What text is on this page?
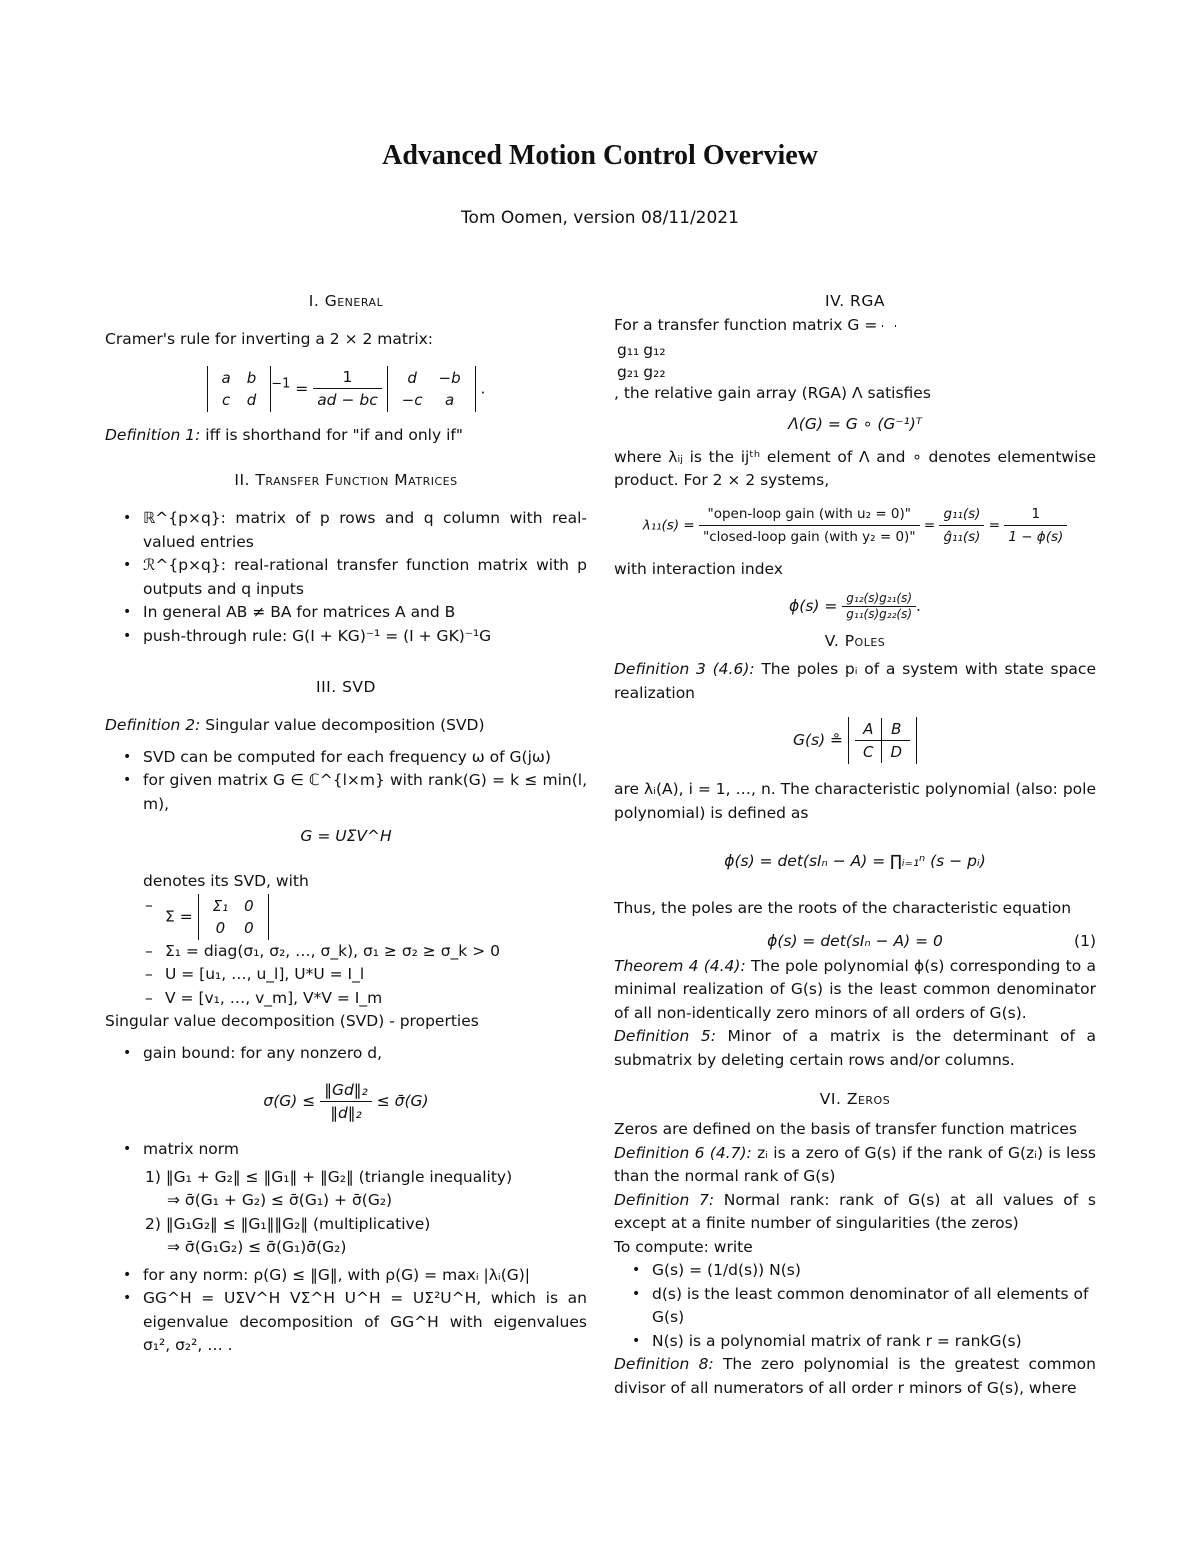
Advanced Motion Control Overview
Tom Oomen, version 08/11/2021
I. General

Cramer's rule for inverting a 2 × 2 matrix:

a	b
c	d
$^{-1} = \frac{1}{ad - bc}$
d	−b
−c	a
.

Definition 1: iff is shorthand for "if and only if"

II. Transfer Function Matrices
• ℝ^{p×q}: matrix of p rows and q column with real-valued entries
• ℛ^{p×q}: real-rational transfer function matrix with p outputs and q inputs
• In general AB ≠ BA for matrices A and B
• push-through rule: G(I + KG)⁻¹ = (I + GK)⁻¹G
III. SVD

Definition 2: Singular value decomposition (SVD)

• SVD can be computed for each frequency ω of G(jω)
• for given matrix G ∈ ℂ^{l×m} with rank(G) = k ≤ min(l, m),
G = UΣV^H

denotes its SVD, with

– Σ =
Σ₁	0
0	0
– Σ₁ = diag(σ₁, σ₂, …, σ_k), σ₁ ≥ σ₂ ≥ σ_k > 0
– U = [u₁, …, u_l], U*U = I_l
– V = [v₁, …, v_m], V*V = I_m

Singular value decomposition (SVD) - properties

• gain bound: for any nonzero d,
$\sigma(G) \le \frac{\text{‖Gd‖₂}}{\text{‖d‖₂}}$ ≤ σ̄(G)
• matrix norm

1) ‖G₁ + G₂‖ ≤ ‖G₁‖ + ‖G₂‖ (triangle inequality)

⇒ σ̄(G₁ + G₂) ≤ σ̄(G₁) + σ̄(G₂)

2) ‖G₁G₂‖ ≤ ‖G₁‖‖G₂‖ (multiplicative)

⇒ σ̄(G₁G₂) ≤ σ̄(G₁)σ̄(G₂)

• for any norm: ρ(G) ≤ ‖G‖, with ρ(G) = maxᵢ |λᵢ(G)|
• GG^H = UΣV^H VΣ^H U^H = UΣ²U^H, which is an eigenvalue decomposition of GG^H with eigenvalues σ₁², σ₂², … .
IV. RGA

For a transfer function matrix G =

g₁₁	g₁₂
g₂₁	g₂₂
, the relative gain array (RGA) Λ satisfies

Λ(G) = G ∘ (G⁻¹)ᵀ

where λᵢⱼ is the ijᵗʰ element of Λ and ∘ denotes elementwise product. For 2 × 2 systems,

$\lambda_{11}(s) = \frac{\text{"open-loop gain (with u₂ = 0)"}}{\text{"closed-loop gain (with y₂ = 0)"}} = \frac{\text{g₁₁(s)}}{\text{ĝ₁₁(s)}} = \frac{1}{1 - \phi(s)}$

with interaction index

$\phi(s) = \frac{\text{g₁₂(s)g₂₁(s)}}{\text{g₁₁(s)g₂₂(s)}}$ .
V. Poles

Definition 3 (4.6): The poles pᵢ of a system with state space realization

G(s) ≗
A	B
C	D

are λᵢ(A), i = 1, …, n. The characteristic polynomial (also: pole polynomial) is defined as

ϕ(s) = det(sIₙ − A) = ∏ᵢ₌₁ⁿ (s − pᵢ)

Thus, the poles are the roots of the characteristic equation

ϕ(s) = det(sIₙ − A) = 0	(1)

Theorem 4 (4.4): The pole polynomial ϕ(s) corresponding to a minimal realization of G(s) is the least common denominator of all non-identically zero minors of all orders of G(s).

Definition 5: Minor of a matrix is the determinant of a submatrix by deleting certain rows and/or columns.

VI. Zeros

Zeros are defined on the basis of transfer function matrices

Definition 6 (4.7): zᵢ is a zero of G(s) if the rank of G(zᵢ) is less than the normal rank of G(s)

Definition 7: Normal rank: rank of G(s) at all values of s except at a finite number of singularities (the zeros)

To compute: write

• G(s) = (1/d(s)) N(s)
• d(s) is the least common denominator of all elements of G(s)
• N(s) is a polynomial matrix of rank r = rankG(s)

Definition 8: The zero polynomial is the greatest common divisor of all numerators of all order r minors of G(s), where
